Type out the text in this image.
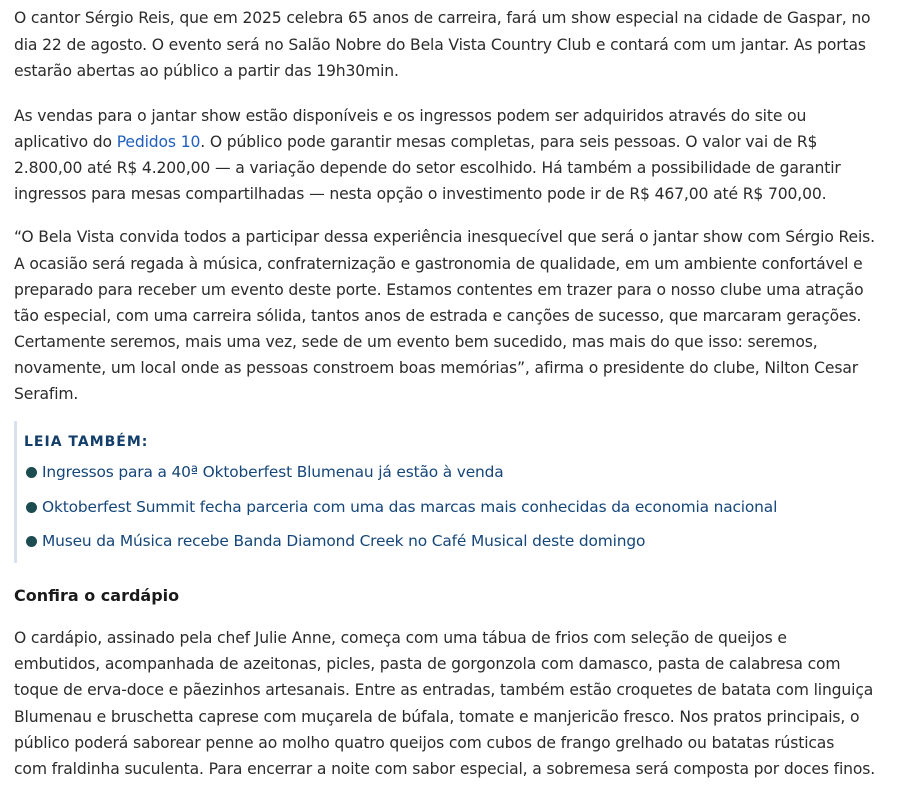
O cantor Sérgio Reis, que em 2025 celebra 65 anos de carreira, fará um show especial na cidade de Gaspar, no
dia 22 de agosto. O evento será no Salão Nobre do Bela Vista Country Club e contará com um jantar. As portas
estarão abertas ao público a partir das 19h30min.
As vendas para o jantar show estão disponíveis e os ingressos podem ser adquiridos através do site ou
aplicativo do Pedidos 10. O público pode garantir mesas completas, para seis pessoas. O valor vai de R$
2.800,00 até R$ 4.200,00 — a variação depende do setor escolhido. Há também a possibilidade de garantir
ingressos para mesas compartilhadas — nesta opção o investimento pode ir de R$ 467,00 até R$ 700,00.
“O Bela Vista convida todos a participar dessa experiência inesquecível que será o jantar show com Sérgio Reis.
A ocasião será regada à música, confraternização e gastronomia de qualidade, em um ambiente confortável e
preparado para receber um evento deste porte. Estamos contentes em trazer para o nosso clube uma atração
tão especial, com uma carreira sólida, tantos anos de estrada e canções de sucesso, que marcaram gerações.
Certamente seremos, mais uma vez, sede de um evento bem sucedido, mas mais do que isso: seremos,
novamente, um local onde as pessoas constroem boas memórias”, afirma o presidente do clube, Nilton Cesar
Serafim.
LEIA TAMBÉM:
Ingressos para a 40ª Oktoberfest Blumenau já estão à venda
Oktoberfest Summit fecha parceria com uma das marcas mais conhecidas da economia nacional
Museu da Música recebe Banda Diamond Creek no Café Musical deste domingo
Confira o cardápio
O cardápio, assinado pela chef Julie Anne, começa com uma tábua de frios com seleção de queijos e
embutidos, acompanhada de azeitonas, picles, pasta de gorgonzola com damasco, pasta de calabresa com
toque de erva-doce e pãezinhos artesanais. Entre as entradas, também estão croquetes de batata com linguiça
Blumenau e bruschetta caprese com muçarela de búfala, tomate e manjericão fresco. Nos pratos principais, o
público poderá saborear penne ao molho quatro queijos com cubos de frango grelhado ou batatas rústicas
com fraldinha suculenta. Para encerrar a noite com sabor especial, a sobremesa será composta por doces finos.
